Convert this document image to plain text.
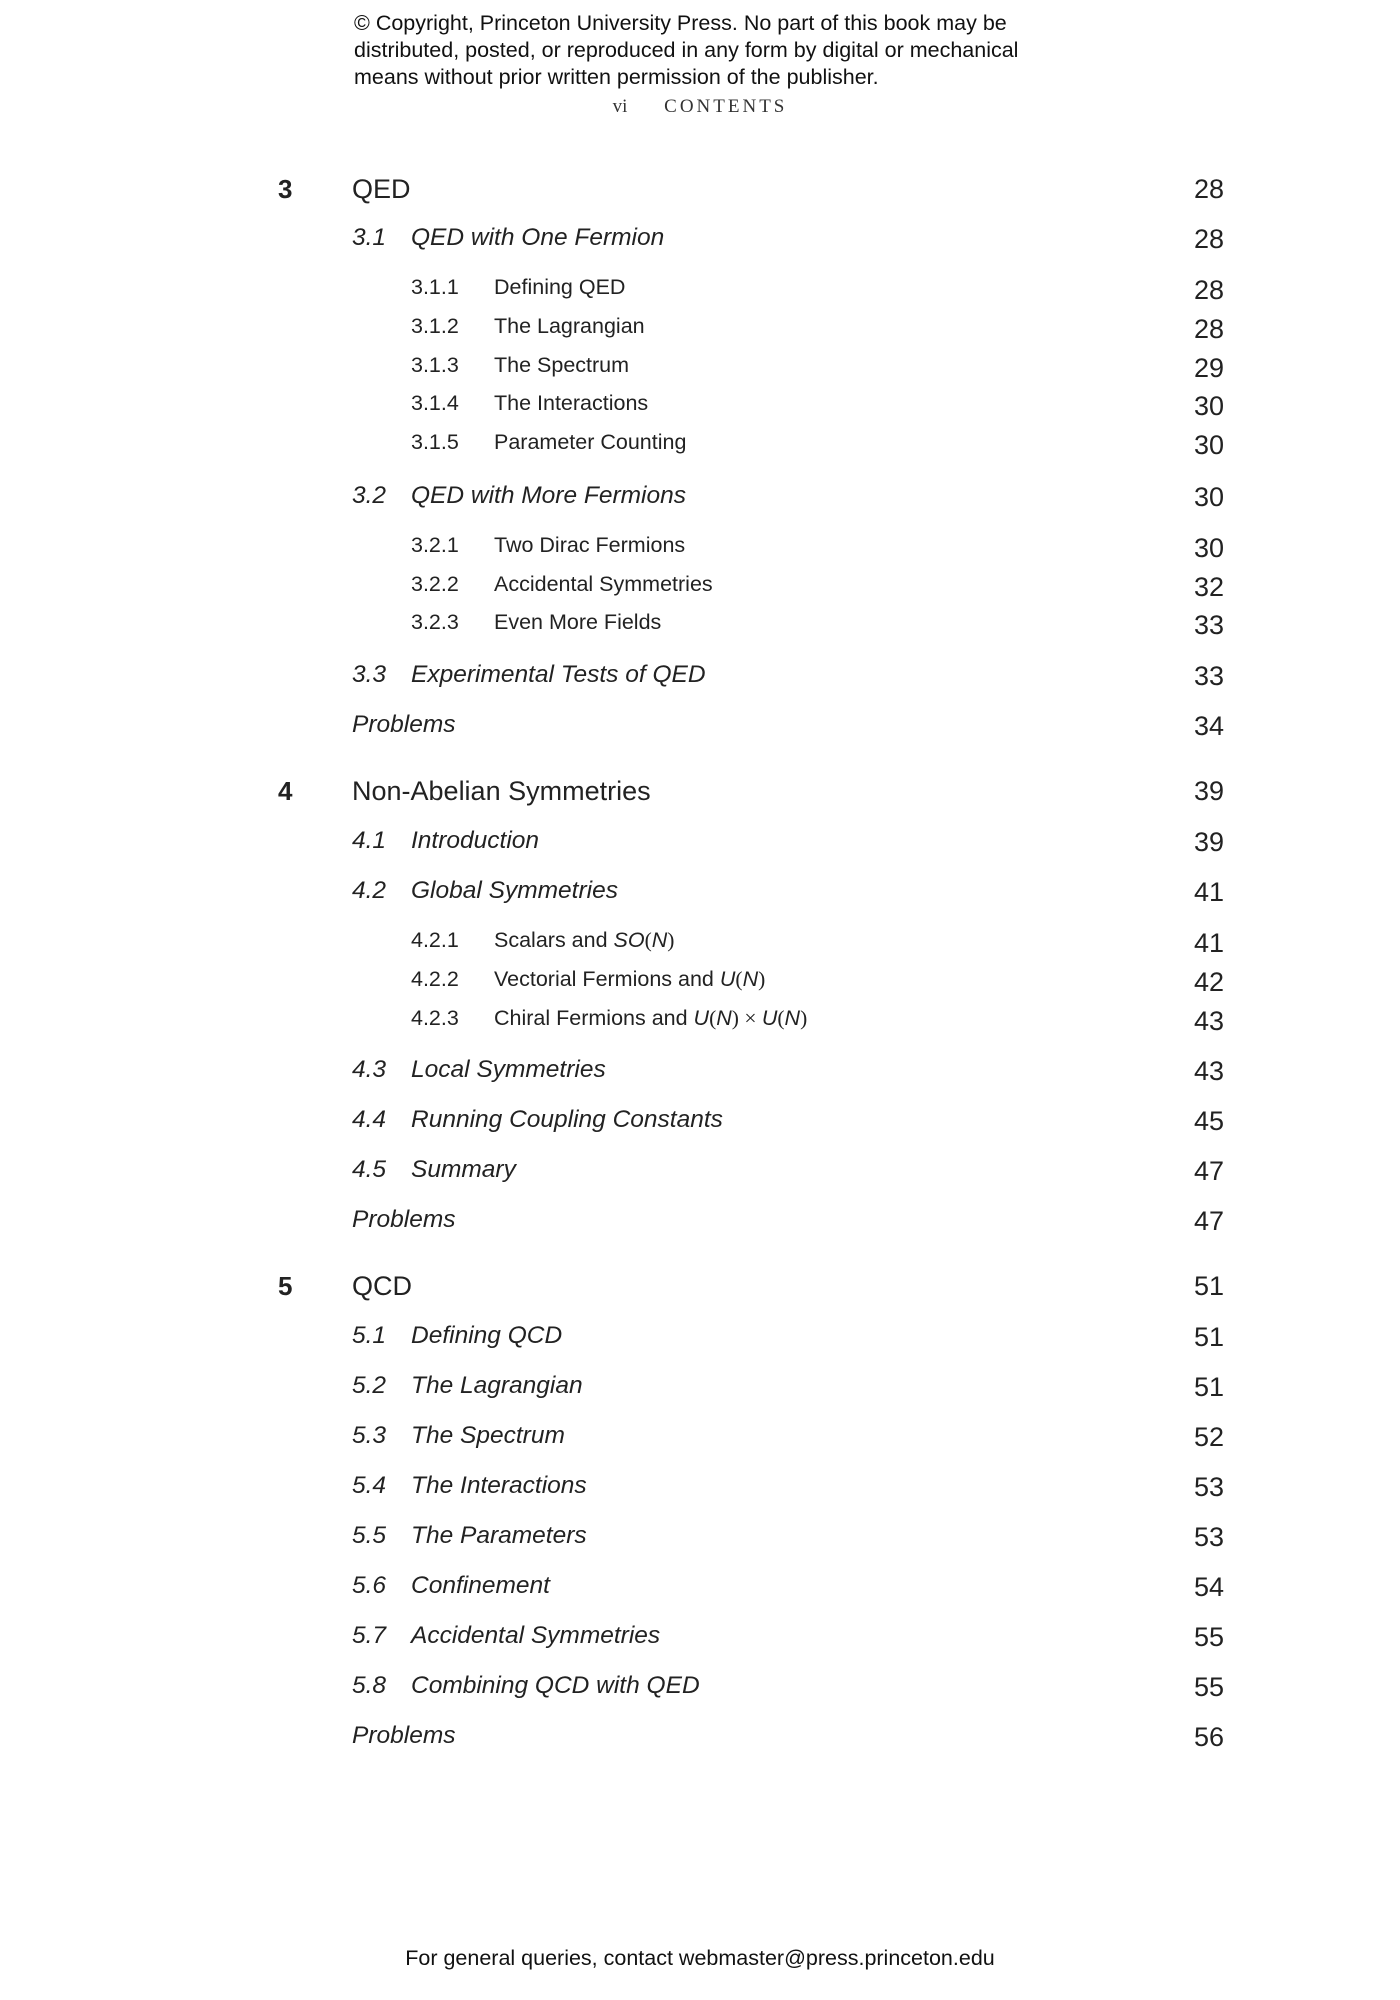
© Copyright, Princeton University Press. No part of this book may be distributed, posted, or reproduced in any form by digital or mechanical means without prior written permission of the publisher.
vi CONTENTS
3 QED	28
3.1 QED with One Fermion	28
3.1.1 Defining QED	28
3.1.2 The Lagrangian	28
3.1.3 The Spectrum	29
3.1.4 The Interactions	30
3.1.5 Parameter Counting	30
3.2 QED with More Fermions	30
3.2.1 Two Dirac Fermions	30
3.2.2 Accidental Symmetries	32
3.2.3 Even More Fields	33
3.3 Experimental Tests of QED	33
Problems	34
4 Non-Abelian Symmetries	39
4.1 Introduction	39
4.2 Global Symmetries	41
4.2.1 Scalars and SO(N)	41
4.2.2 Vectorial Fermions and U(N)	42
4.2.3 Chiral Fermions and U(N) × U(N)	43
4.3 Local Symmetries	43
4.4 Running Coupling Constants	45
4.5 Summary	47
Problems	47
5 QCD	51
5.1 Defining QCD	51
5.2 The Lagrangian	51
5.3 The Spectrum	52
5.4 The Interactions	53
5.5 The Parameters	53
5.6 Confinement	54
5.7 Accidental Symmetries	55
5.8 Combining QCD with QED	55
Problems	56
For general queries, contact webmaster@press.princeton.edu
